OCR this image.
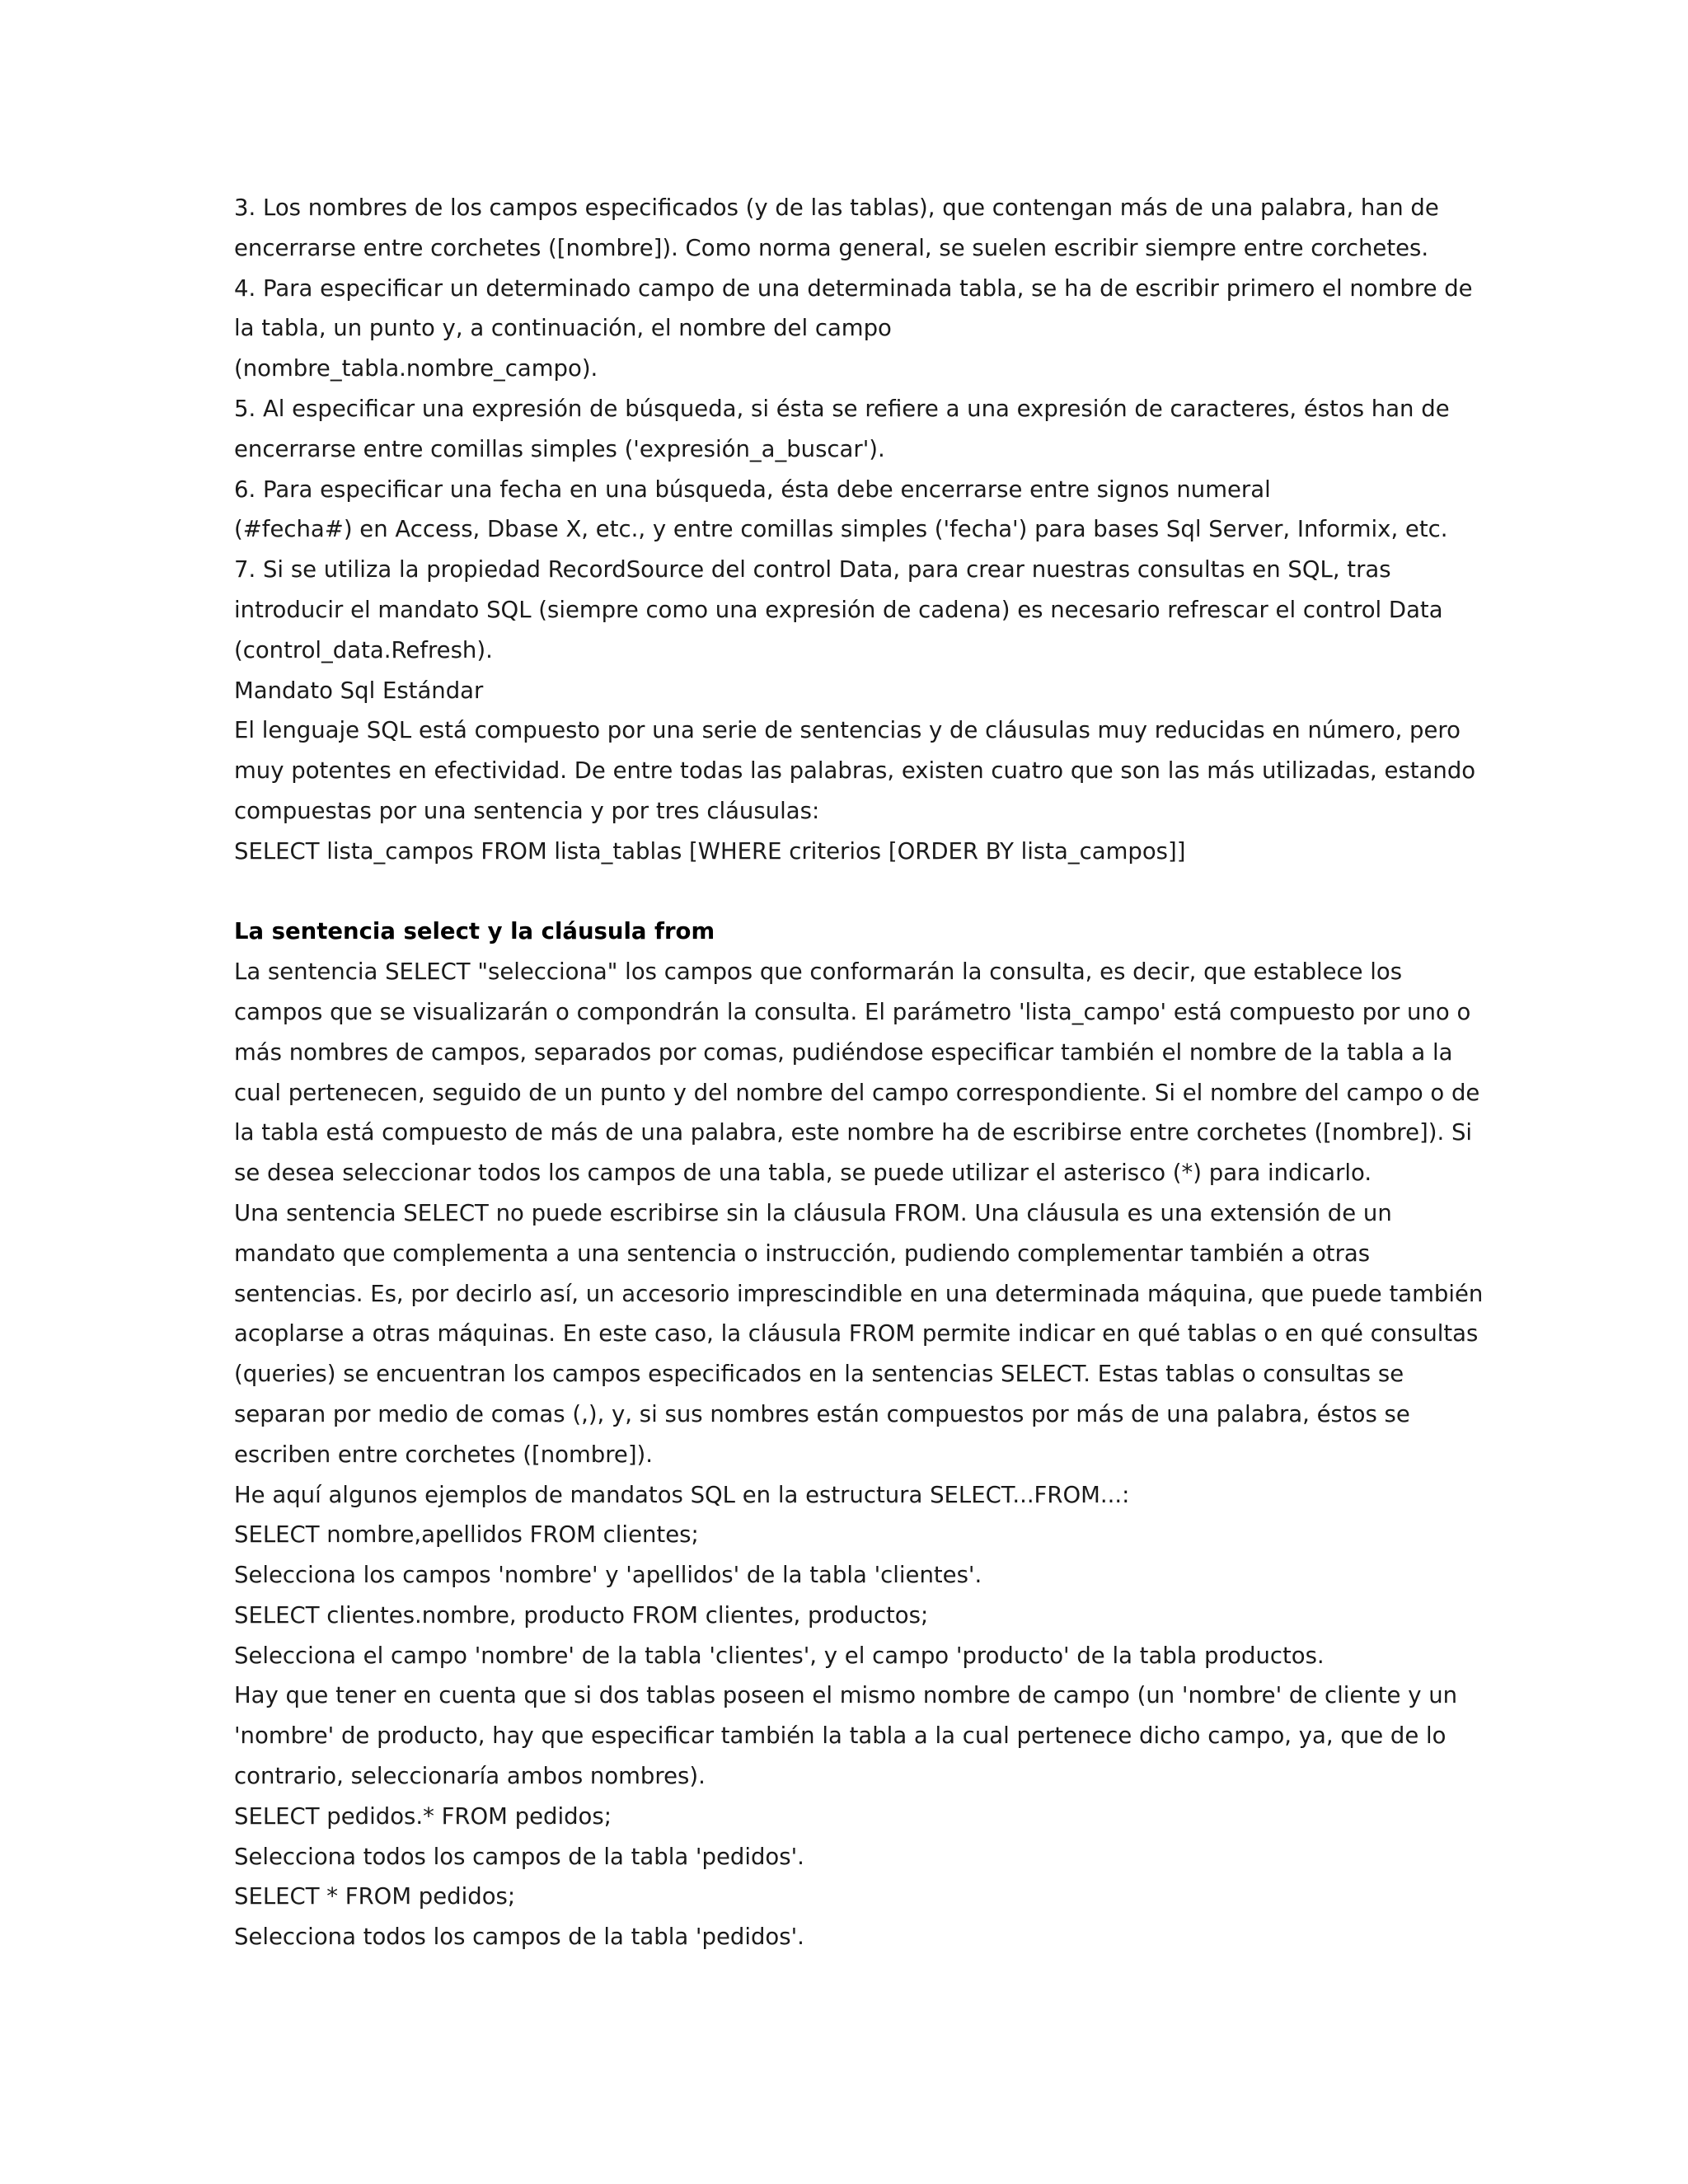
3. Los nombres de los campos especificados (y de las tablas), que contengan más de una palabra, han de
encerrarse entre corchetes ([nombre]). Como norma general, se suelen escribir siempre entre corchetes.
4. Para especificar un determinado campo de una determinada tabla, se ha de escribir primero el nombre de
la tabla, un punto y, a continuación, el nombre del campo
(nombre_tabla.nombre_campo).
5. Al especificar una expresión de búsqueda, si ésta se refiere a una expresión de caracteres, éstos han de
encerrarse entre comillas simples ('expresión_a_buscar').
6. Para especificar una fecha en una búsqueda, ésta debe encerrarse entre signos numeral
(#fecha#) en Access, Dbase X, etc., y entre comillas simples ('fecha') para bases Sql Server, Informix, etc.
7. Si se utiliza la propiedad RecordSource del control Data, para crear nuestras consultas en SQL, tras
introducir el mandato SQL (siempre como una expresión de cadena) es necesario refrescar el control Data
(control_data.Refresh).
Mandato Sql Estándar
El lenguaje SQL está compuesto por una serie de sentencias y de cláusulas muy reducidas en número, pero
muy potentes en efectividad. De entre todas las palabras, existen cuatro que son las más utilizadas, estando
compuestas por una sentencia y por tres cláusulas:
SELECT lista_campos FROM lista_tablas [WHERE criterios [ORDER BY lista_campos]]
La sentencia select y la cláusula from
La sentencia SELECT "selecciona" los campos que conformarán la consulta, es decir, que establece los
campos que se visualizarán o compondrán la consulta. El parámetro 'lista_campo' está compuesto por uno o
más nombres de campos, separados por comas, pudiéndose especificar también el nombre de la tabla a la
cual pertenecen, seguido de un punto y del nombre del campo correspondiente. Si el nombre del campo o de
la tabla está compuesto de más de una palabra, este nombre ha de escribirse entre corchetes ([nombre]). Si
se desea seleccionar todos los campos de una tabla, se puede utilizar el asterisco (*) para indicarlo.
Una sentencia SELECT no puede escribirse sin la cláusula FROM. Una cláusula es una extensión de un
mandato que complementa a una sentencia o instrucción, pudiendo complementar también a otras
sentencias. Es, por decirlo así, un accesorio imprescindible en una determinada máquina, que puede también
acoplarse a otras máquinas. En este caso, la cláusula FROM permite indicar en qué tablas o en qué consultas
(queries) se encuentran los campos especificados en la sentencias SELECT. Estas tablas o consultas se
separan por medio de comas (,), y, si sus nombres están compuestos por más de una palabra, éstos se
escriben entre corchetes ([nombre]).
He aquí algunos ejemplos de mandatos SQL en la estructura SELECT...FROM...:
SELECT nombre,apellidos FROM clientes;
Selecciona los campos 'nombre' y 'apellidos' de la tabla 'clientes'.
SELECT clientes.nombre, producto FROM clientes, productos;
Selecciona el campo 'nombre' de la tabla 'clientes', y el campo 'producto' de la tabla productos.
Hay que tener en cuenta que si dos tablas poseen el mismo nombre de campo (un 'nombre' de cliente y un
'nombre' de producto, hay que especificar también la tabla a la cual pertenece dicho campo, ya, que de lo
contrario, seleccionaría ambos nombres).
SELECT pedidos.* FROM pedidos;
Selecciona todos los campos de la tabla 'pedidos'.
SELECT * FROM pedidos;
Selecciona todos los campos de la tabla 'pedidos'.
